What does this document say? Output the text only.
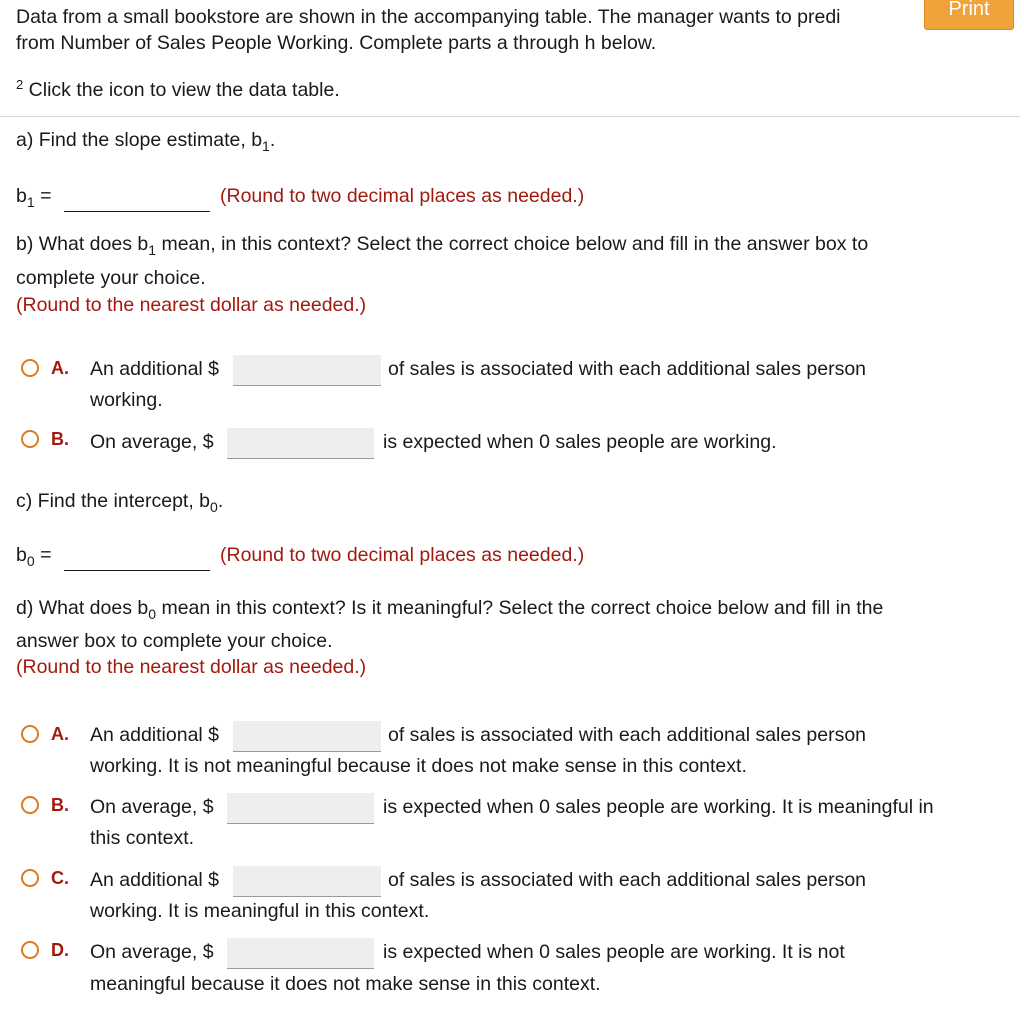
Data from a small bookstore are shown in the accompanying table. The manager wants to predi
from Number of Sales People Working. Complete parts a through h below.
Print
$^2$ Click the icon to view the data table.
a) Find the slope estimate, $b_1$.
$b_1$ =	(Round to two decimal places as needed.)
b) What does $b_1$ mean, in this context? Select the correct choice below and fill in the answer box to
complete your choice.
(Round to the nearest dollar as needed.)
A. An additional $	of sales is associated with each additional sales person
working.
B. On average, $	is expected when 0 sales people are working.
c) Find the intercept, $b_0$.
$b_0$ =	(Round to two decimal places as needed.)
d) What does $b_0$ mean in this context? Is it meaningful? Select the correct choice below and fill in the
answer box to complete your choice.
(Round to the nearest dollar as needed.)
A. An additional $	of sales is associated with each additional sales person
working. It is not meaningful because it does not make sense in this context.
B. On average, $	is expected when 0 sales people are working. It is meaningful in
this context.
C. An additional $	of sales is associated with each additional sales person
working. It is meaningful in this context.
D. On average, $	is expected when 0 sales people are working. It is not
meaningful because it does not make sense in this context.
